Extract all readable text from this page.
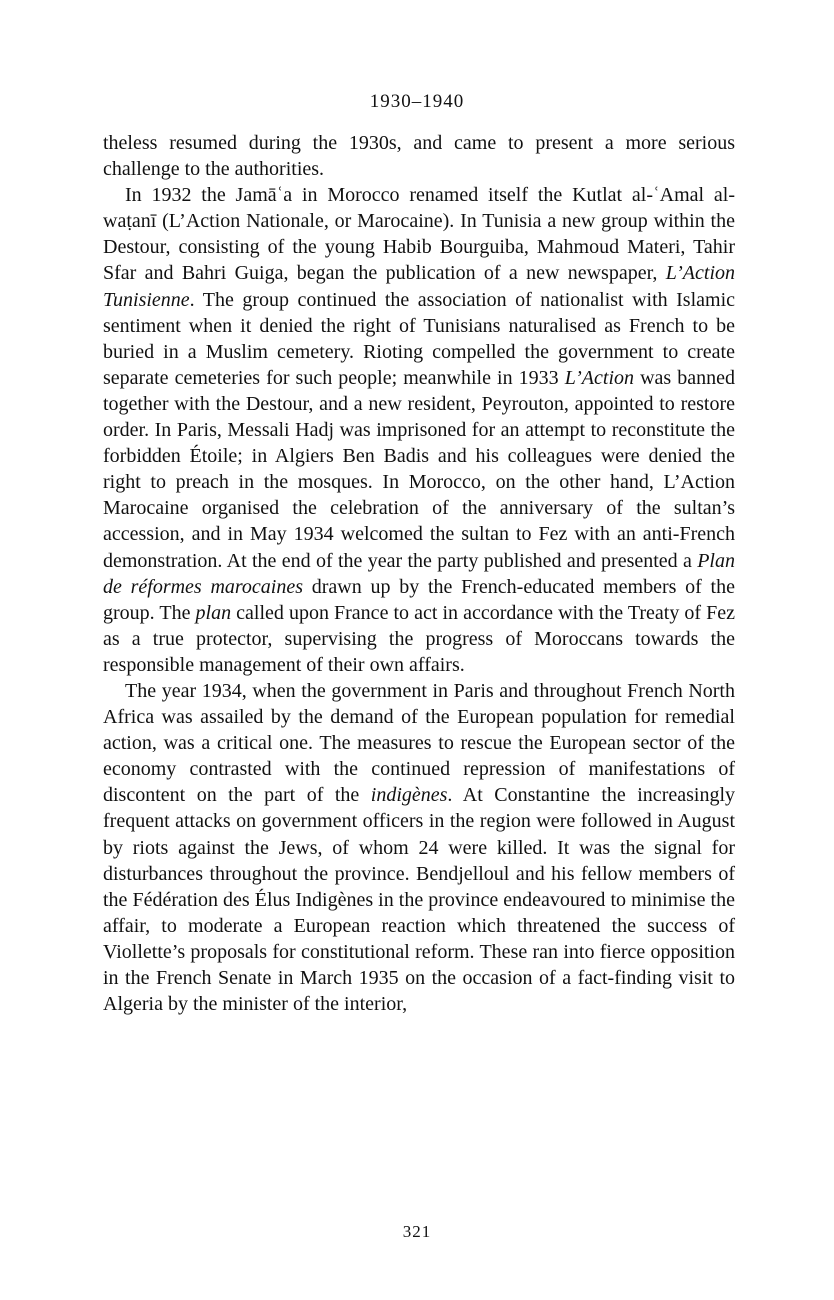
1930–1940

theless resumed during the 1930s, and came to present a more serious challenge to the authorities.

In 1932 the Jamāʿa in Morocco renamed itself the Kutlat al-ʿAmal al-waṭanī (L’Action Nationale, or Marocaine). In Tunisia a new group within the Destour, consisting of the young Habib Bourguiba, Mahmoud Materi, Tahir Sfar and Bahri Guiga, began the publication of a new newspaper, L’Action Tunisienne. The group continued the association of nationalist with Islamic sentiment when it denied the right of Tunisians naturalised as French to be buried in a Muslim cemetery. Rioting compelled the government to create separate cemeteries for such people; meanwhile in 1933 L’Action was banned together with the Destour, and a new resident, Peyrouton, appointed to restore order. In Paris, Messali Hadj was imprisoned for an attempt to reconstitute the forbidden Étoile; in Algiers Ben Badis and his colleagues were denied the right to preach in the mosques. In Morocco, on the other hand, L’Action Marocaine organised the celebration of the anniversary of the sultan’s accession, and in May 1934 welcomed the sultan to Fez with an anti-French demonstration. At the end of the year the party published and presented a Plan de réformes marocaines drawn up by the French-educated members of the group. The plan called upon France to act in accordance with the Treaty of Fez as a true protector, supervising the progress of Moroccans towards the responsible management of their own affairs.

The year 1934, when the government in Paris and throughout French North Africa was assailed by the demand of the European population for remedial action, was a critical one. The measures to rescue the European sector of the economy contrasted with the continued repression of manifestations of discontent on the part of the indigènes. At Constantine the increasingly frequent attacks on government officers in the region were followed in August by riots against the Jews, of whom 24 were killed. It was the signal for disturbances throughout the province. Bendjelloul and his fellow members of the Fédération des Élus Indigènes in the province endeavoured to minimise the affair, to moderate a European reaction which threatened the success of Viollette’s proposals for constitutional reform. These ran into fierce opposition in the French Senate in March 1935 on the occasion of a fact-finding visit to Algeria by the minister of the interior,

321
